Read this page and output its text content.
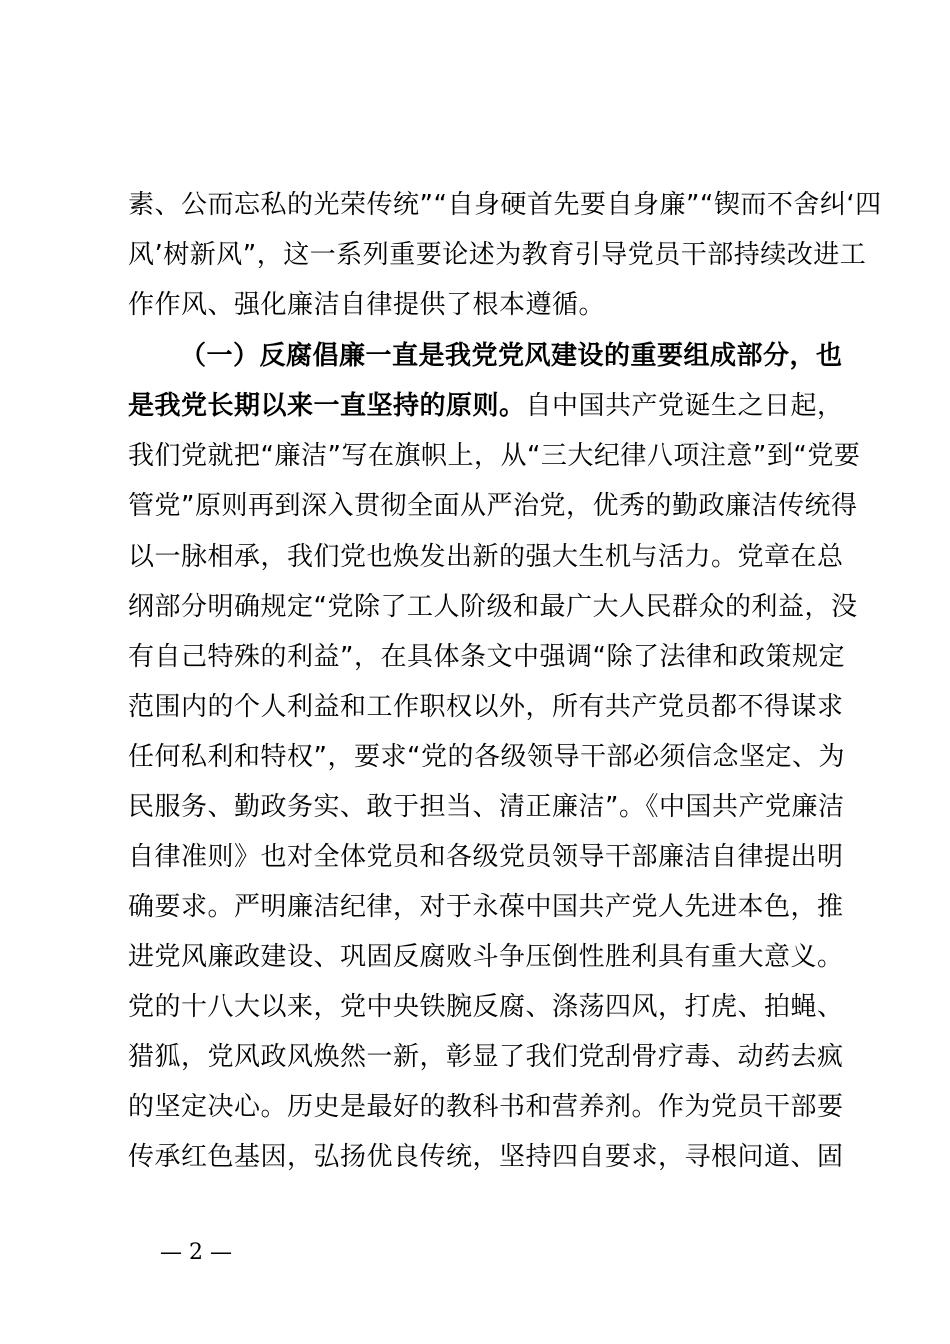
素、公而忘私的光荣传统”“自身硬首先要自身廉”“锲而不舍纠‘四
风’树新风”，这一系列重要论述为教育引导党员干部持续改进工
作作风、强化廉洁自律提供了根本遵循。
（一）反腐倡廉一直是我党党风建设的重要组成部分，也
是我党长期以来一直坚持的原则。自中国共产党诞生之日起，
我们党就把“廉洁”写在旗帜上，从“三大纪律八项注意”到“党要
管党”原则再到深入贯彻全面从严治党，优秀的勤政廉洁传统得
以一脉相承，我们党也焕发出新的强大生机与活力。党章在总
纲部分明确规定“党除了工人阶级和最广大人民群众的利益，没
有自己特殊的利益”，在具体条文中强调“除了法律和政策规定
范围内的个人利益和工作职权以外，所有共产党员都不得谋求
任何私利和特权”，要求“党的各级领导干部必须信念坚定、为
民服务、勤政务实、敢于担当、清正廉洁”。《中国共产党廉洁
自律准则》也对全体党员和各级党员领导干部廉洁自律提出明
确要求。严明廉洁纪律，对于永葆中国共产党人先进本色，推
进党风廉政建设、巩固反腐败斗争压倒性胜利具有重大意义。
党的十八大以来，党中央铁腕反腐、涤荡四风，打虎、拍蝇、
猎狐，党风政风焕然一新，彰显了我们党刮骨疗毒、动药去疯
的坚定决心。历史是最好的教科书和营养剂。作为党员干部要
传承红色基因，弘扬优良传统，坚持四自要求，寻根问道、固
— 2 —
